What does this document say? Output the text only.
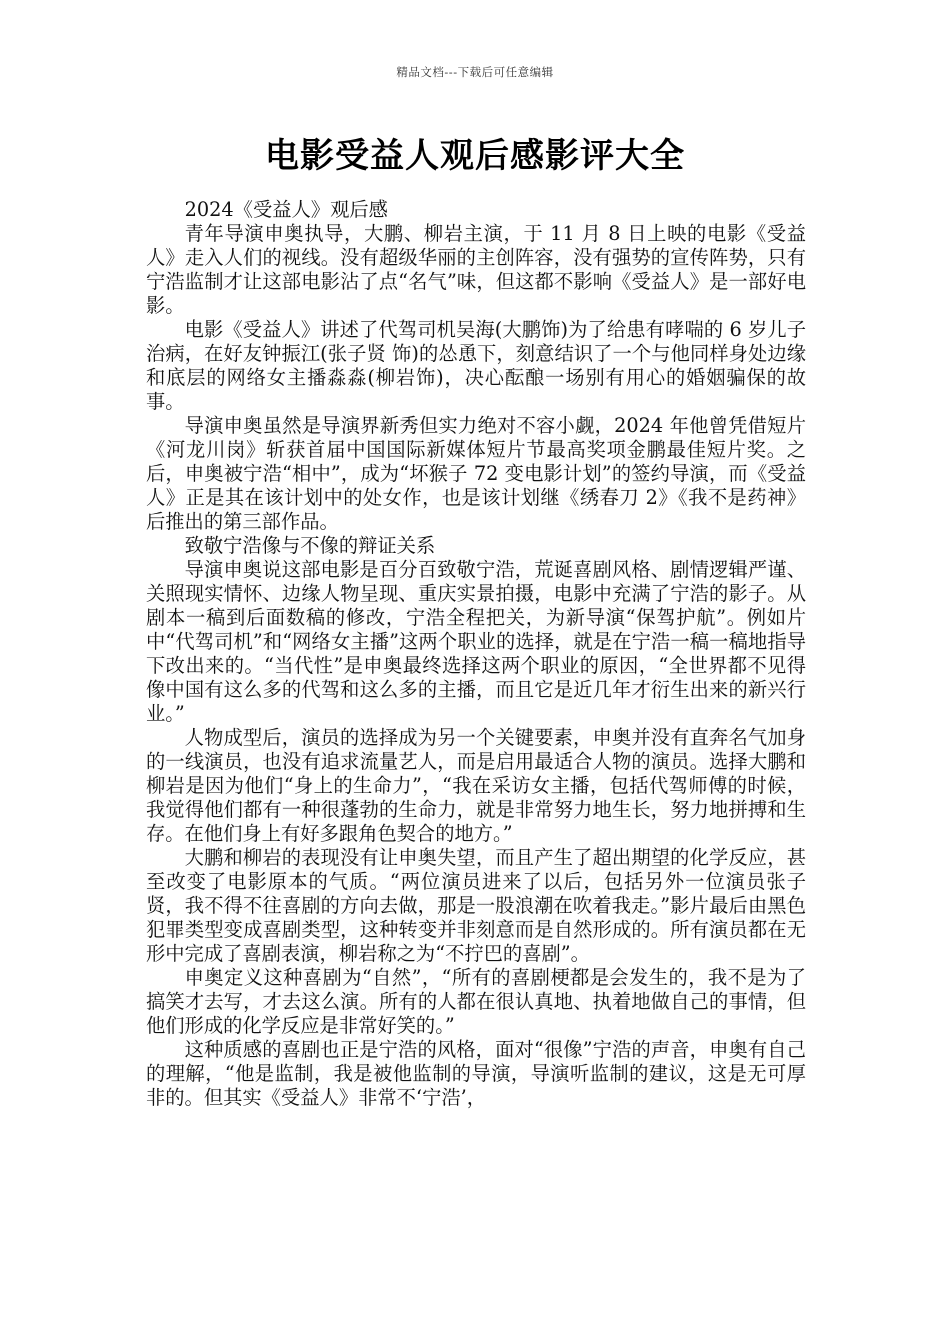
精品文档---下载后可任意编辑
电影受益人观后感影评大全

2024《受益人》观后感

青年导演申奥执导，大鹏、柳岩主演，于 11 月 8 日上映的电影《受益人》走入人们的视线。没有超级华丽的主创阵容，没有强势的宣传阵势，只有宁浩监制才让这部电影沾了点“名气”味，但这都不影响《受益人》是一部好电影。

电影《受益人》讲述了代驾司机吴海(大鹏饰)为了给患有哮喘的 6 岁儿子治病，在好友钟振江(张子贤 饰)的怂恿下，刻意结识了一个与他同样身处边缘和底层的网络女主播淼淼(柳岩饰)，决心酝酿一场别有用心的婚姻骗保的故事。

导演申奥虽然是导演界新秀但实力绝对不容小觑，2024 年他曾凭借短片《河龙川岗》斩获首届中国国际新媒体短片节最高奖项金鹏最佳短片奖。之后，申奥被宁浩“相中”，成为“坏猴子 72 变电影计划”的签约导演，而《受益人》正是其在该计划中的处女作，也是该计划继《绣春刀 2》《我不是药神》后推出的第三部作品。

致敬宁浩像与不像的辩证关系

导演申奥说这部电影是百分百致敬宁浩，荒诞喜剧风格、剧情逻辑严谨、关照现实情怀、边缘人物呈现、重庆实景拍摄，电影中充满了宁浩的影子。从剧本一稿到后面数稿的修改，宁浩全程把关，为新导演“保驾护航”。例如片中“代驾司机”和“网络女主播”这两个职业的选择，就是在宁浩一稿一稿地指导下改出来的。“当代性”是申奥最终选择这两个职业的原因，“全世界都不见得像中国有这么多的代驾和这么多的主播，而且它是近几年才衍生出来的新兴行业。”

人物成型后，演员的选择成为另一个关键要素，申奥并没有直奔名气加身的一线演员，也没有追求流量艺人，而是启用最适合人物的演员。选择大鹏和柳岩是因为他们“身上的生命力”，“我在采访女主播，包括代驾师傅的时候，我觉得他们都有一种很蓬勃的生命力，就是非常努力地生长，努力地拼搏和生存。在他们身上有好多跟角色契合的地方。”

大鹏和柳岩的表现没有让申奥失望，而且产生了超出期望的化学反应，甚至改变了电影原本的气质。“两位演员进来了以后，包括另外一位演员张子贤，我不得不往喜剧的方向去做，那是一股浪潮在吹着我走。”影片最后由黑色犯罪类型变成喜剧类型，这种转变并非刻意而是自然形成的。所有演员都在无形中完成了喜剧表演，柳岩称之为“不拧巴的喜剧”。

申奥定义这种喜剧为“自然”，“所有的喜剧梗都是会发生的，我不是为了搞笑才去写，才去这么演。所有的人都在很认真地、执着地做自己的事情，但他们形成的化学反应是非常好笑的。”

这种质感的喜剧也正是宁浩的风格，面对“很像”宁浩的声音，申奥有自己的理解，“他是监制，我是被他监制的导演，导演听监制的建议，这是无可厚非的。但其实《受益人》非常不‘宁浩’，
